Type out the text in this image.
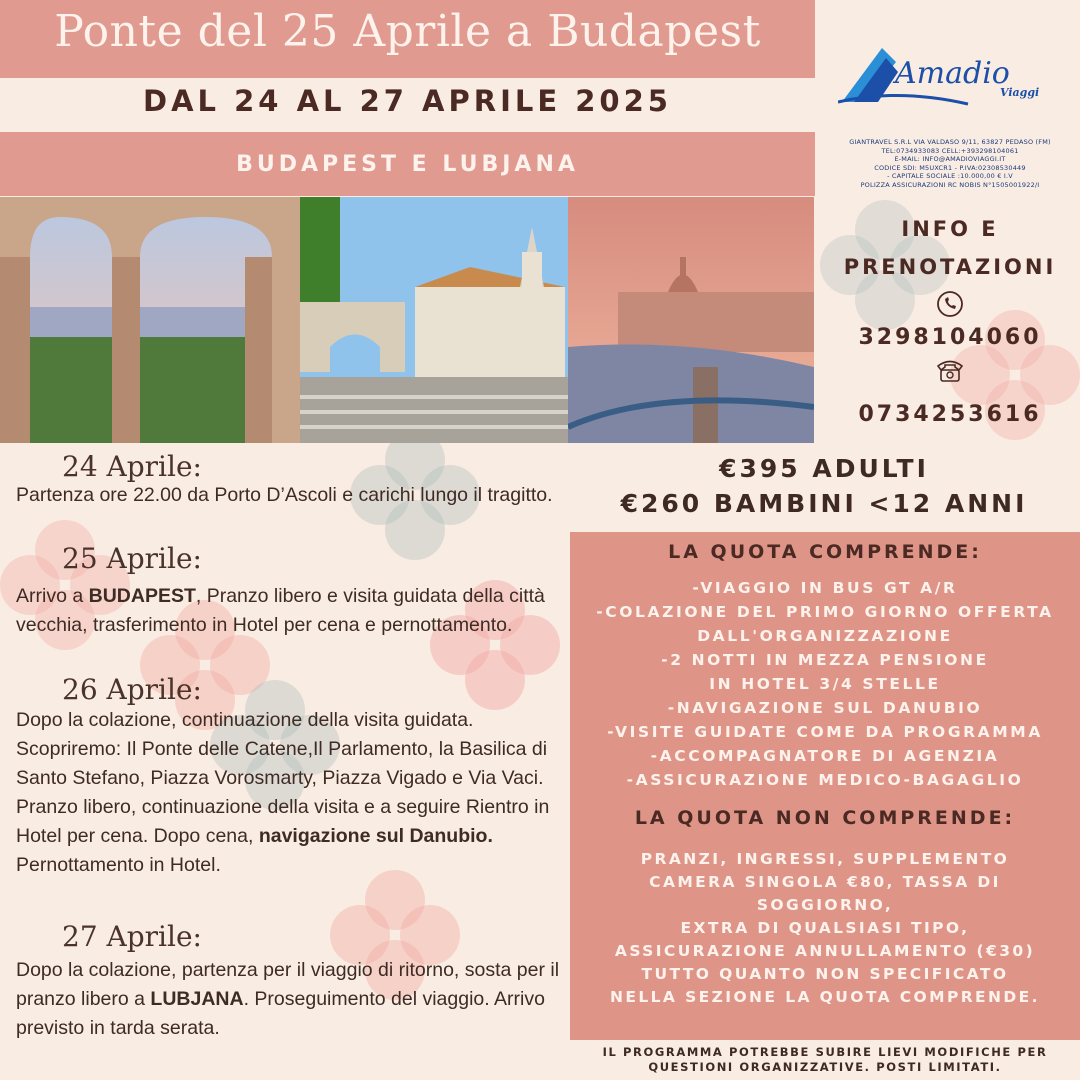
Ponte del 25 Aprile a Budapest
DAL 24 AL 27 APRILE 2025
BUDAPEST E LUBJANA
Amadio
Viaggi
GIANTRAVEL S.R.L VIA VALDASO 9/11, 63827 PEDASO (FM)
TEL:0734933083 CELL:+393298104061
E-MAIL: INFO@AMADIOVIAGGI.IT
CODICE SDI: M5UXCR1 - P.IVA:02308530449
- CAPITALE SOCIALE :10.000,00 € I.V
POLIZZA ASSICURAZIONI RC NOBIS N°1505001922/I
INFO E
PRENOTAZIONI
3298104060
0734253616
24 Aprile:
Partenza ore 22.00 da Porto D’Ascoli e carichi lungo il tragitto.
25 Aprile:
Arrivo a BUDAPEST, Pranzo libero e visita guidata della città vecchia, trasferimento in Hotel per cena e pernottamento.
26 Aprile:
Dopo la colazione, continuazione della visita guidata. Scopriremo: Il Ponte delle Catene,Il Parlamento, la Basilica di Santo Stefano, Piazza Vorosmarty, Piazza Vigado e Via Vaci. Pranzo libero, continuazione della visita e a seguire Rientro in Hotel per cena. Dopo cena, navigazione sul Danubio. Pernottamento in Hotel.
27 Aprile:
Dopo la colazione, partenza per il viaggio di ritorno, sosta per il pranzo libero a LUBJANA. Proseguimento del viaggio. Arrivo previsto in tarda serata.
€395 ADULTI
€260 BAMBINI <12 ANNI
LA QUOTA COMPRENDE:
-VIAGGIO IN BUS GT A/R
-COLAZIONE DEL PRIMO GIORNO OFFERTA
DALL'ORGANIZZAZIONE
-2 NOTTI IN MEZZA PENSIONE
IN HOTEL 3/4 STELLE
-NAVIGAZIONE SUL DANUBIO
-VISITE GUIDATE COME DA PROGRAMMA
-ACCOMPAGNATORE DI AGENZIA
-ASSICURAZIONE MEDICO-BAGAGLIO
LA QUOTA NON COMPRENDE:
PRANZI, INGRESSI, SUPPLEMENTO
CAMERA SINGOLA €80, TASSA DI
SOGGIORNO,
EXTRA DI QUALSIASI TIPO,
ASSICURAZIONE ANNULLAMENTO (€30)
TUTTO QUANTO NON SPECIFICATO
NELLA SEZIONE LA QUOTA COMPRENDE.
IL PROGRAMMA POTREBBE SUBIRE LIEVI MODIFICHE PER
QUESTIONI ORGANIZZATIVE. POSTI LIMITATI.
